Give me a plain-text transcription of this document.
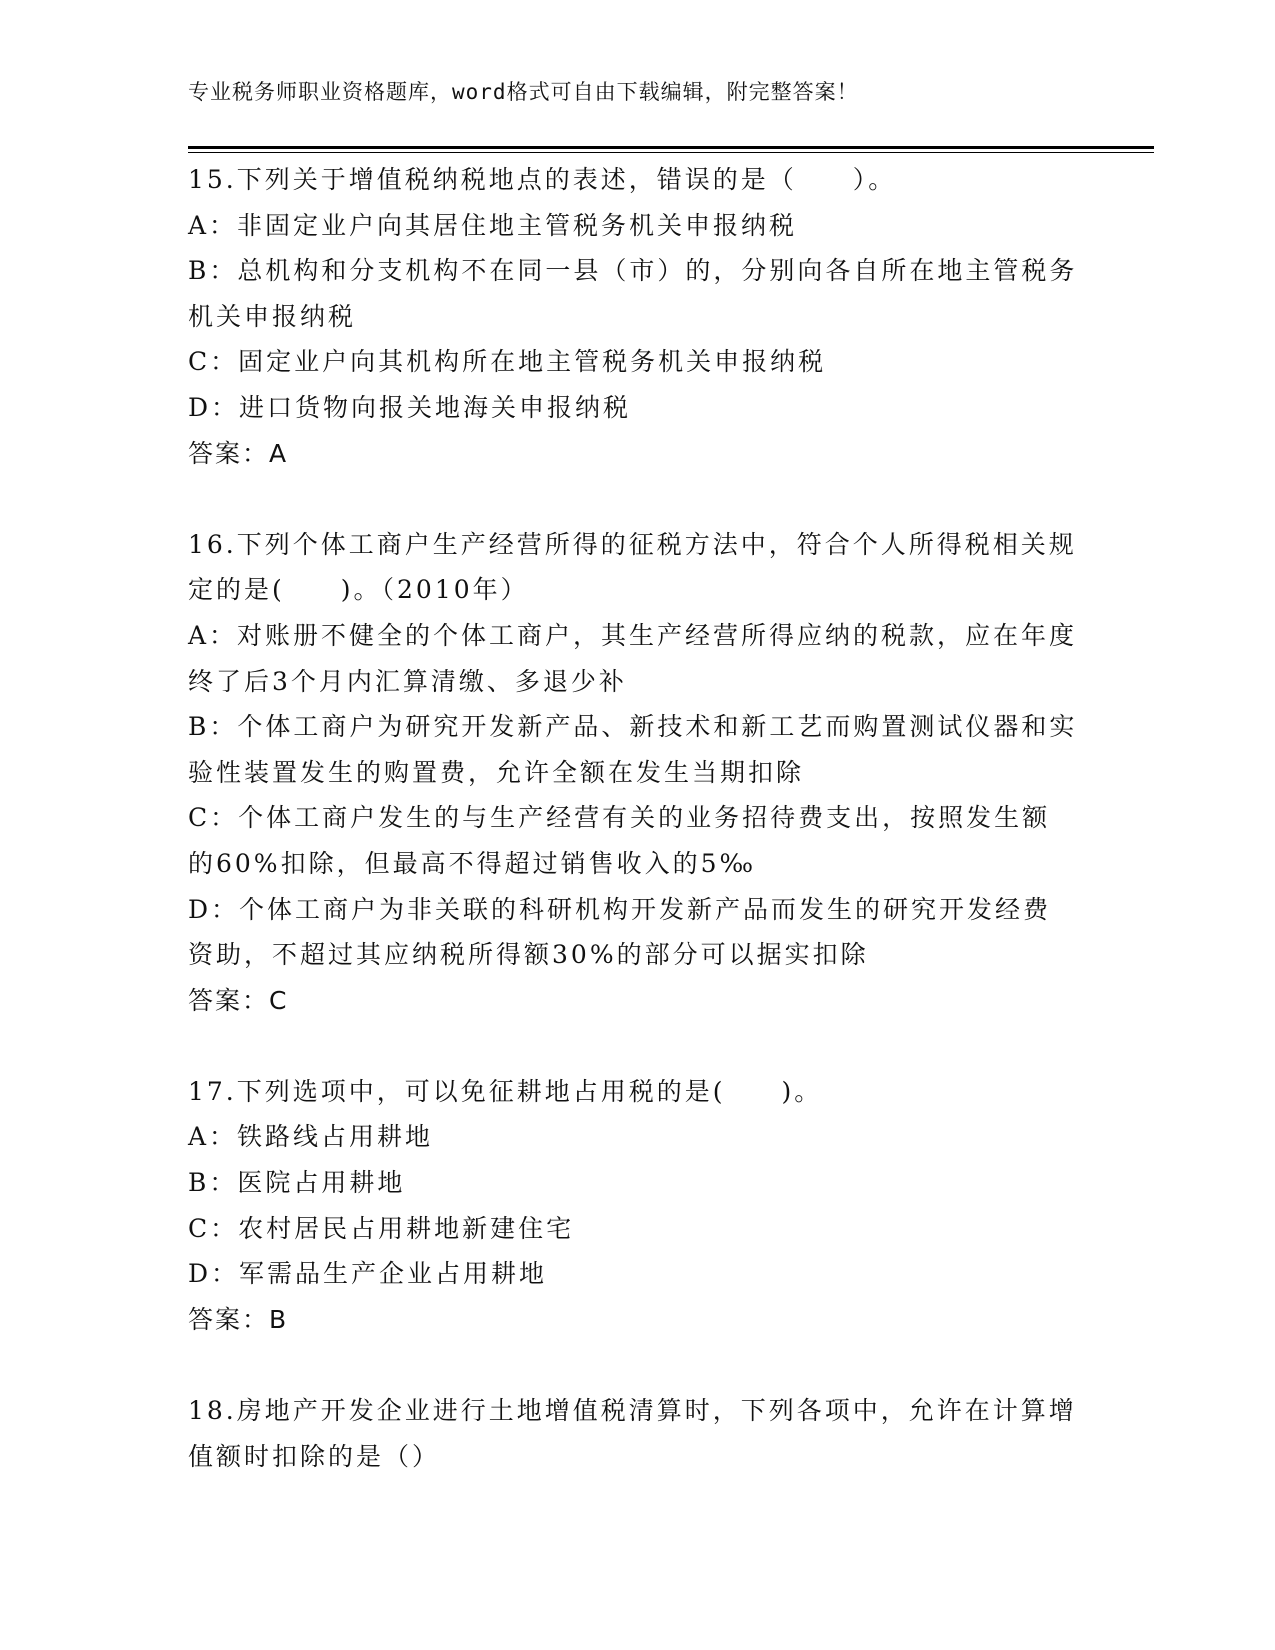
专业税务师职业资格题库，word格式可自由下载编辑，附完整答案！

15.下列关于增值税纳税地点的表述，错误的是（　　）。

A：非固定业户向其居住地主管税务机关申报纳税

B：总机构和分支机构不在同一县（市）的，分别向各自所在地主管税务机关申报纳税

C：固定业户向其机构所在地主管税务机关申报纳税

D：进口货物向报关地海关申报纳税

答案：A

16.下列个体工商户生产经营所得的征税方法中，符合个人所得税相关规定的是(　　)。（2010年）

A：对账册不健全的个体工商户，其生产经营所得应纳的税款，应在年度终了后3个月内汇算清缴、多退少补

B：个体工商户为研究开发新产品、新技术和新工艺而购置测试仪器和实验性装置发生的购置费，允许全额在发生当期扣除

C：个体工商户发生的与生产经营有关的业务招待费支出，按照发生额的60%扣除，但最高不得超过销售收入的5‰

D：个体工商户为非关联的科研机构开发新产品而发生的研究开发经费资助，不超过其应纳税所得额30%的部分可以据实扣除

答案：C

17.下列选项中，可以免征耕地占用税的是(　　)。

A：铁路线占用耕地

B：医院占用耕地

C：农村居民占用耕地新建住宅

D：军需品生产企业占用耕地

答案：B

18.房地产开发企业进行土地增值税清算时，下列各项中，允许在计算增值额时扣除的是（）
